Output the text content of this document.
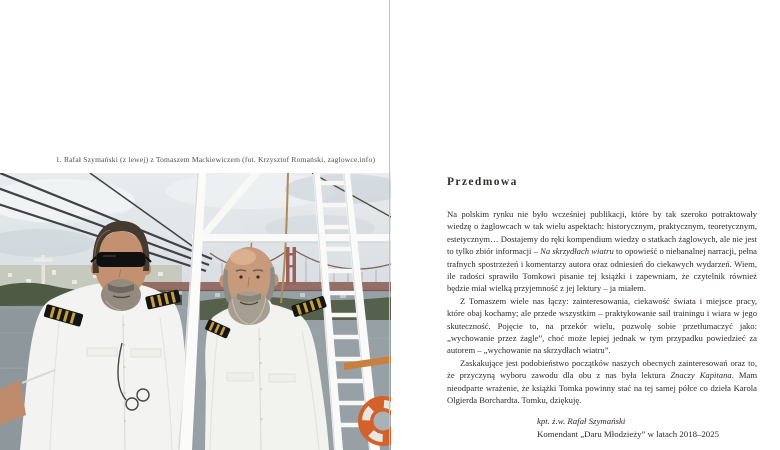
1. Rafał Szymański (z lewej) z Tomaszem Mackiewiczem (fot. Krzysztof Romański, zaglowce.info)
Przedmowa

Na polskim rynku nie było wcześniej publikacji, które by tak szeroko potraktowały wiedzę o żaglowcach w tak wielu aspektach: historycznym, praktycznym, teoretycznym, estetycznym… Dostajemy do ręki kompendium wiedzy o statkach żaglowych, ale nie jest to tylko zbiór informacji – Na skrzydłach wiatru to opowieść o niebanalnej narracji, pełna trafnych spostrzeżeń i komentarzy autora oraz odniesień do ciekawych wydarzeń. Wiem, ile radości sprawiło Tomkowi pisanie tej książki i zapewniam, że czytelnik również będzie miał wielką przyjemność z jej lektury – ja miałem.

Z Tomaszem wiele nas łączy: zainteresowania, ciekawość świata i miejsce pracy, które obaj kochamy; ale przede wszystkim – praktykowanie sail trainingu i wiara w jego skuteczność. Pojęcie to, na przekór wielu, pozwolę sobie przetłumaczyć jako: „wychowanie przez żagle”, choć może lepiej jednak w tym przypadku powiedzieć za autorem – „wychowanie na skrzydłach wiatru”.

Zaskakujące jest podobieństwo początków naszych obecnych zainteresowań oraz to, że przyczyną wyboru zawodu dla obu z nas była lektura Znaczy Kapitana. Mam nieodparte wrażenie, że książki Tomka powinny stać na tej samej półce co dzieła Karola Olgierda Borchardta. Tomku, dziękuję.

kpt. ż.w. Rafał Szymański
Komendant „Daru Młodzieży” w latach 2018–2025
